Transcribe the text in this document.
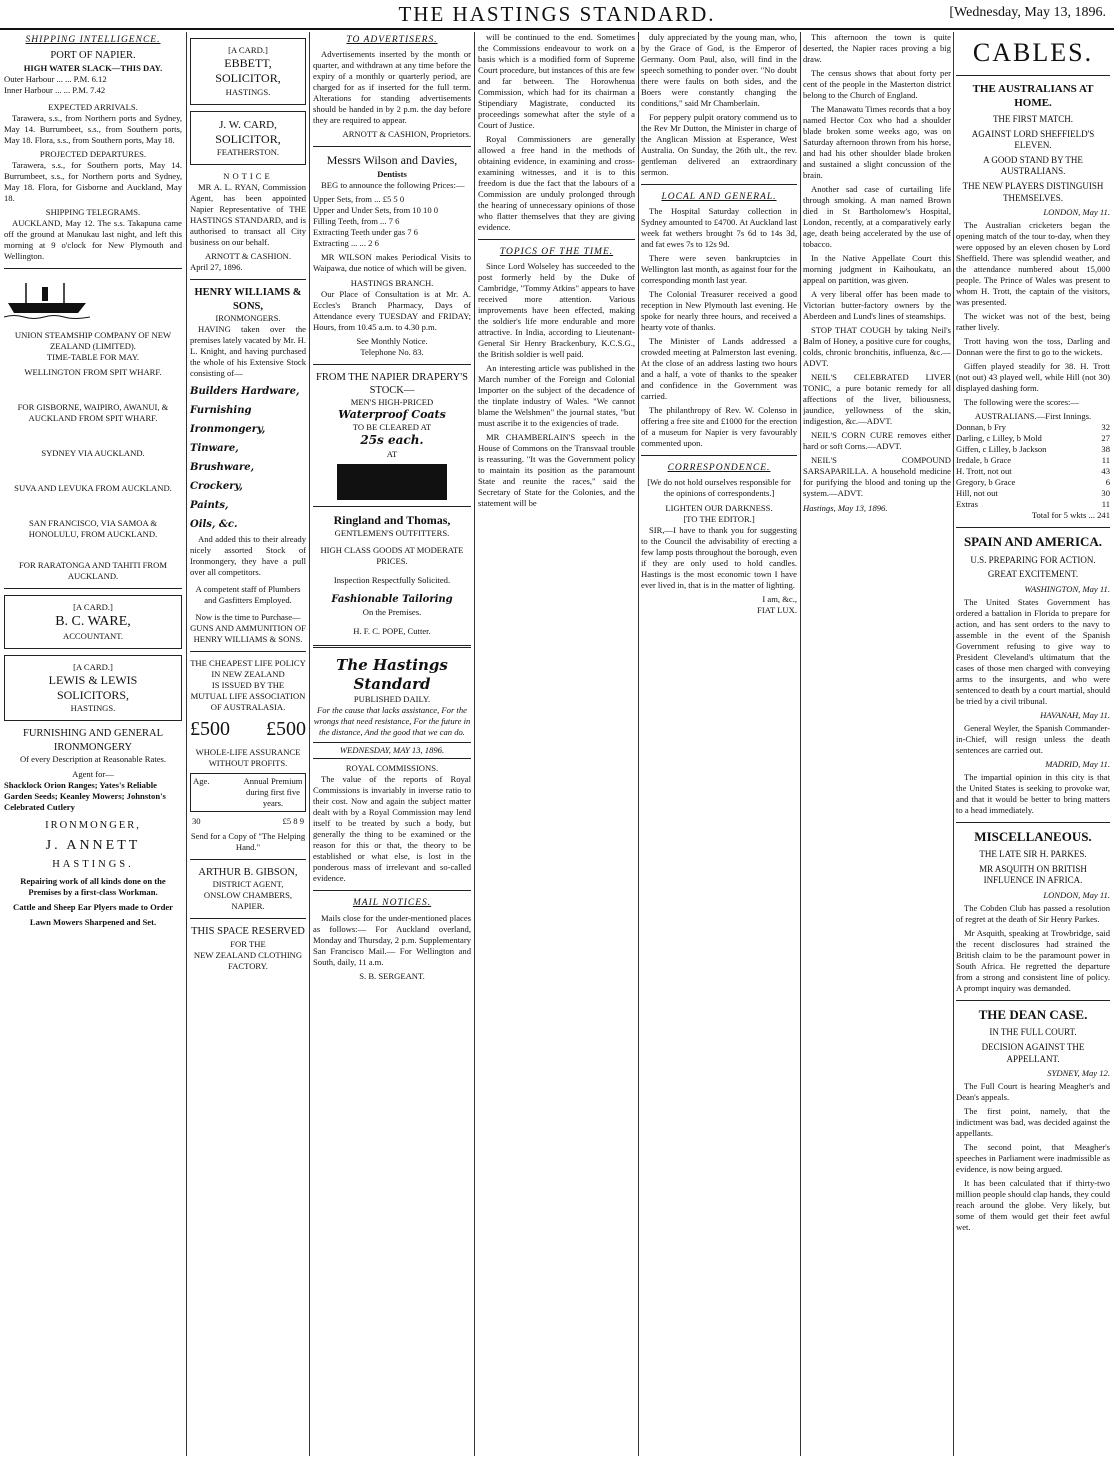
THE HASTINGS STANDARD.	[Wednesday, May 13, 1896.
SHIPPING INTELLIGENCE.
PORT OF NAPIER.
HIGH WATER SLACK—THIS DAY.
Outer Harbour ... ... P.M. 6.12
Inner Harbour ... ... P.M. 7.42
EXPECTED ARRIVALS.
Tarawera, s.s., from Northern ports and Sydney, May 14. Burrumbeet, s.s., from Southern ports, May 18. Flora, s.s., from Southern ports, May 18.
PROJECTED DEPARTURES.
Tarawera, s.s., for Southern ports, May 14. Burrumbeet, s.s., for Northern ports and Sydney, May 18. Flora, for Gisborne and Auckland, May 18.
SHIPPING TELEGRAMS.
AUCKLAND, May 12. The s.s. Takapuna came off the ground at Manukau last night, and left this morning at 9 o'clock for New Plymouth and Wellington.
UNION STEAMSHIP COMPANY OF NEW ZEALAND (LIMITED).
TIME-TABLE FOR MAY.
WELLINGTON FROM SPIT WHARF.
FOR GISBORNE, WAIPIRO, AWANUI, & AUCKLAND FROM SPIT WHARF.
SYDNEY VIA AUCKLAND.
SUVA AND LEVUKA FROM AUCKLAND.
SAN FRANCISCO, VIA SAMOA & HONOLULU, FROM AUCKLAND.
FOR RARATONGA AND TAHITI FROM AUCKLAND.
[A CARD.]
B. C. WARE,
ACCOUNTANT.
[A CARD.]
LEWIS & LEWIS
SOLICITORS,
HASTINGS.
FURNISHING AND GENERAL IRONMONGERY
Of every Description at Reasonable Rates.
Agent for—
Shacklock Orion Ranges; Yates's Reliable Garden Seeds; Keanley Mowers; Johnston's Celebrated Cutlery
IRONMONGER,
J. ANNETT
HASTINGS.
Repairing work of all kinds done on the Premises by a first-class Workman.
Cattle and Sheep Ear Plyers made to Order
Lawn Mowers Sharpened and Set.
[A CARD.]
EBBETT,
SOLICITOR,
HASTINGS.
J. W. CARD,
SOLICITOR,
FEATHERSTON.
NOTICE
MR A. L. RYAN, Commission Agent, has been appointed Napier Representative of THE HASTINGS STANDARD, and is authorised to transact all City business on our behalf.
ARNOTT & CASHION.
April 27, 1896.
HENRY WILLIAMS & SONS,
IRONMONGERS.
HAVING taken over the premises lately vacated by Mr. H. L. Knight, and having purchased the whole of his Extensive Stock consisting of—
Builders Hardware,
Furnishing Ironmongery,
Tinware,
Brushware,
Crockery,
Paints,
Oils, &c.
And added this to their already nicely assorted Stock of Ironmongery, they have a pull over all competitors.
A competent staff of Plumbers and Gasfitters Employed.
Now is the time to Purchase—
GUNS AND AMMUNITION OF
HENRY WILLIAMS & SONS.
THE CHEAPEST LIFE POLICY
IN NEW ZEALAND
IS ISSUED BY THE
MUTUAL LIFE ASSOCIATION OF AUSTRALASIA.
£500 £500
WHOLE-LIFE ASSURANCE WITHOUT PROFITS.
Age.	Annual Premium during first five years.
30	£5 8 9
Send for a Copy of "The Helping Hand."
ARTHUR B. GIBSON,
DISTRICT AGENT,
ONSLOW CHAMBERS, NAPIER.
THIS SPACE RESERVED
FOR THE
NEW ZEALAND CLOTHING
FACTORY.
TO ADVERTISERS.
Advertisements inserted by the month or quarter, and withdrawn at any time before the expiry of a monthly or quarterly period, are charged for as if inserted for the full term. Alterations for standing advertisements should be handed in by 2 p.m. the day before they are required to appear.
ARNOTT & CASHION, Proprietors.
Messrs Wilson and Davies,
Dentists
BEG to announce the following Prices:—
Upper Sets, from ... £5 5 0
Upper and Under Sets, from 10 10 0
Filling Teeth, from ... 7 6
Extracting Teeth under gas 7 6
Extracting ... ... 2 6
MR WILSON makes Periodical Visits to Waipawa, due notice of which will be given.
HASTINGS BRANCH.
Our Place of Consultation is at Mr. A. Eccles's Branch Pharmacy, Days of Attendance every TUESDAY and FRIDAY; Hours, from 10.45 a.m. to 4.30 p.m.
See Monthly Notice.
Telephone No. 83.
FROM THE NAPIER DRAPERY'S STOCK—
MEN'S HIGH-PRICED
Waterproof Coats
TO BE CLEARED AT
25s each.
AT
Ringland and Thomas,
GENTLEMEN'S OUTFITTERS.
HIGH CLASS GOODS AT MODERATE PRICES.
Inspection Respectfully Solicited.
Fashionable Tailoring
On the Premises.
H. F. C. POPE, Cutter.
The Hastings Standard
PUBLISHED DAILY.
For the cause that lacks assistance, For the wrongs that need resistance, For the future in the distance, And the good that we can do.
WEDNESDAY, MAY 13, 1896.
ROYAL COMMISSIONS.
The value of the reports of Royal Commissions is invariably in inverse ratio to their cost. Now and again the subject matter dealt with by a Royal Commission may lend itself to be treated by such a body, but generally the thing to be examined or the reason for this or that, the theory to be established or what else, is lost in the ponderous mass of irrelevant and so-called evidence.
MAIL NOTICES.
Mails close for the under-mentioned places as follows:— For Auckland overland, Monday and Thursday, 2 p.m. Supplementary San Francisco Mail.— For Wellington and South, daily, 11 a.m.
S. B. SERGEANT.
will be continued to the end. Sometimes the Commissions endeavour to work on a basis which is a modified form of Supreme Court procedure, but instances of this are few and far between. The Horowhenua Commission, which had for its chairman a Stipendiary Magistrate, conducted its proceedings somewhat after the style of a Court of Justice.
Royal Commissioners are generally allowed a free hand in the methods of obtaining evidence, in examining and cross-examining witnesses, and it is to this freedom is due the fact that the labours of a Commission are unduly prolonged through the hearing of unnecessary opinions of those who flatter themselves that they are giving evidence.
TOPICS OF THE TIME.
Since Lord Wolseley has succeeded to the post formerly held by the Duke of Cambridge, "Tommy Atkins" appears to have received more attention. Various improvements have been effected, making the soldier's life more endurable and more attractive. In India, according to Lieutenant-General Sir Henry Brackenbury, K.C.S.G., the British soldier is well paid.
An interesting article was published in the March number of the Foreign and Colonial Importer on the subject of the decadence of the tinplate industry of Wales. "We cannot blame the Welshmen" the journal states, "but must ascribe it to the exigencies of trade.
MR CHAMBERLAIN'S speech in the House of Commons on the Transvaal trouble is reassuring. "It was the Government policy to maintain its position as the paramount State and reunite the races," said the Secretary of State for the Colonies, and the statement will be
duly appreciated by the young man, who, by the Grace of God, is the Emperor of Germany. Oom Paul, also, will find in the speech something to ponder over. "No doubt there were faults on both sides, and the Boers were constantly changing the conditions," said Mr Chamberlain.
For peppery pulpit oratory commend us to the Rev Mr Dutton, the Minister in charge of the Anglican Mission at Esperance, West Australia. On Sunday, the 26th ult., the rev. gentleman delivered an extraordinary sermon.
LOCAL AND GENERAL.
The Hospital Saturday collection in Sydney amounted to £4700. At Auckland last week fat wethers brought 7s 6d to 14s 3d, and fat ewes 7s to 12s 9d.
There were seven bankruptcies in Wellington last month, as against four for the corresponding month last year.
The Colonial Treasurer received a good reception in New Plymouth last evening. He spoke for nearly three hours, and received a hearty vote of thanks.
The Minister of Lands addressed a crowded meeting at Palmerston last evening. At the close of an address lasting two hours and a half, a vote of thanks to the speaker and confidence in the Government was carried.
The philanthropy of Rev. W. Colenso in offering a free site and £1000 for the erection of a museum for Napier is very favourably commented upon.
CORRESPONDENCE.
[We do not hold ourselves responsible for the opinions of correspondents.]
LIGHTEN OUR DARKNESS.
[TO THE EDITOR.]
SIR,—I have to thank you for suggesting to the Council the advisability of erecting a few lamp posts throughout the borough, even if they are only used to hold candles. Hastings is the most economic town I have ever lived in, that is in the matter of lighting.
I am, &c.,
FIAT LUX.
This afternoon the town is quite deserted, the Napier races proving a big draw.
The census shows that about forty per cent of the people in the Masterton district belong to the Church of England.
The Manawatu Times records that a boy named Hector Cox who had a shoulder blade broken some weeks ago, was on Saturday afternoon thrown from his horse, and had his other shoulder blade broken and sustained a slight concussion of the brain.
Another sad case of curtailing life through smoking. A man named Brown died in St Bartholomew's Hospital, London, recently, at a comparatively early age, death being accelerated by the use of tobacco.
In the Native Appellate Court this morning judgment in Kaihoukatu, an appeal on partition, was given.
A very liberal offer has been made to Victorian butter-factory owners by the Aberdeen and Lund's lines of steamships.
STOP THAT COUGH by taking Neil's Balm of Honey, a positive cure for coughs, colds, chronic bronchitis, influenza, &c.—ADVT.
NEIL'S CELEBRATED LIVER TONIC, a pure botanic remedy for all affections of the liver, biliousness, jaundice, yellowness of the skin, indigestion, &c.—ADVT.
NEIL'S CORN CURE removes either hard or soft Corns.—ADVT.
NEIL'S COMPOUND SARSAPARILLA. A household medicine for purifying the blood and toning up the system.—ADVT.
Hastings, May 13, 1896.
CABLES.
THE AUSTRALIANS AT HOME.
THE FIRST MATCH.
AGAINST LORD SHEFFIELD'S ELEVEN.
A GOOD STAND BY THE AUSTRALIANS.
THE NEW PLAYERS DISTINGUISH THEMSELVES.
LONDON, May 11.
The Australian cricketers began the opening match of the tour to-day, when they were opposed by an eleven chosen by Lord Sheffield. There was splendid weather, and the attendance numbered about 15,000 people. The Prince of Wales was present to whom H. Trott, the captain of the visitors, was presented.
The wicket was not of the best, being rather lively.
Trott having won the toss, Darling and Donnan were the first to go to the wickets.
Giffen played steadily for 38. H. Trott (not out) 43 played well, while Hill (not 30) displayed dashing form.
The following were the scores:—
AUSTRALIANS.—First Innings.
Donnan, b Fry	32
Darling, c Lilley, b Mold	27
Giffen, c Lilley, b Jackson	38
Iredale, b Grace	11
H. Trott, not out	43
Gregory, b Grace	6
Hill, not out	30
Extras	11
Total for 5 wkts ... 241
SPAIN AND AMERICA.
U.S. PREPARING FOR ACTION.
GREAT EXCITEMENT.
WASHINGTON, May 11.
The United States Government has ordered a battalion in Florida to prepare for action, and has sent orders to the navy to assemble in the event of the Spanish Government refusing to give way to President Cleveland's ultimatum that the cases of those men charged with conveying arms to the insurgents, and who were sentenced to death by a court martial, should be tried by a civil tribunal.
HAVANAH, May 11.
General Weyler, the Spanish Commander-in-Chief, will resign unless the death sentences are carried out.
MADRID, May 11.
The impartial opinion in this city is that the United States is seeking to provoke war, and that it would be better to bring matters to a head immediately.
MISCELLANEOUS.
THE LATE SIR H. PARKES.
MR ASQUITH ON BRITISH INFLUENCE IN AFRICA.
LONDON, May 11.
The Cobden Club has passed a resolution of regret at the death of Sir Henry Parkes.
Mr Asquith, speaking at Trowbridge, said the recent disclosures had strained the British claim to be the paramount power in South Africa. He regretted the departure from a strong and consistent line of policy. A prompt inquiry was demanded.
THE DEAN CASE.
IN THE FULL COURT.
DECISION AGAINST THE APPELLANT.
SYDNEY, May 12.
The Full Court is hearing Meagher's and Dean's appeals.
The first point, namely, that the indictment was bad, was decided against the appellants.
The second point, that Meagher's speeches in Parliament were inadmissible as evidence, is now being argued.
It has been calculated that if thirty-two million people should clap hands, they could reach around the globe. Very likely, but some of them would get their feet awful wet.
